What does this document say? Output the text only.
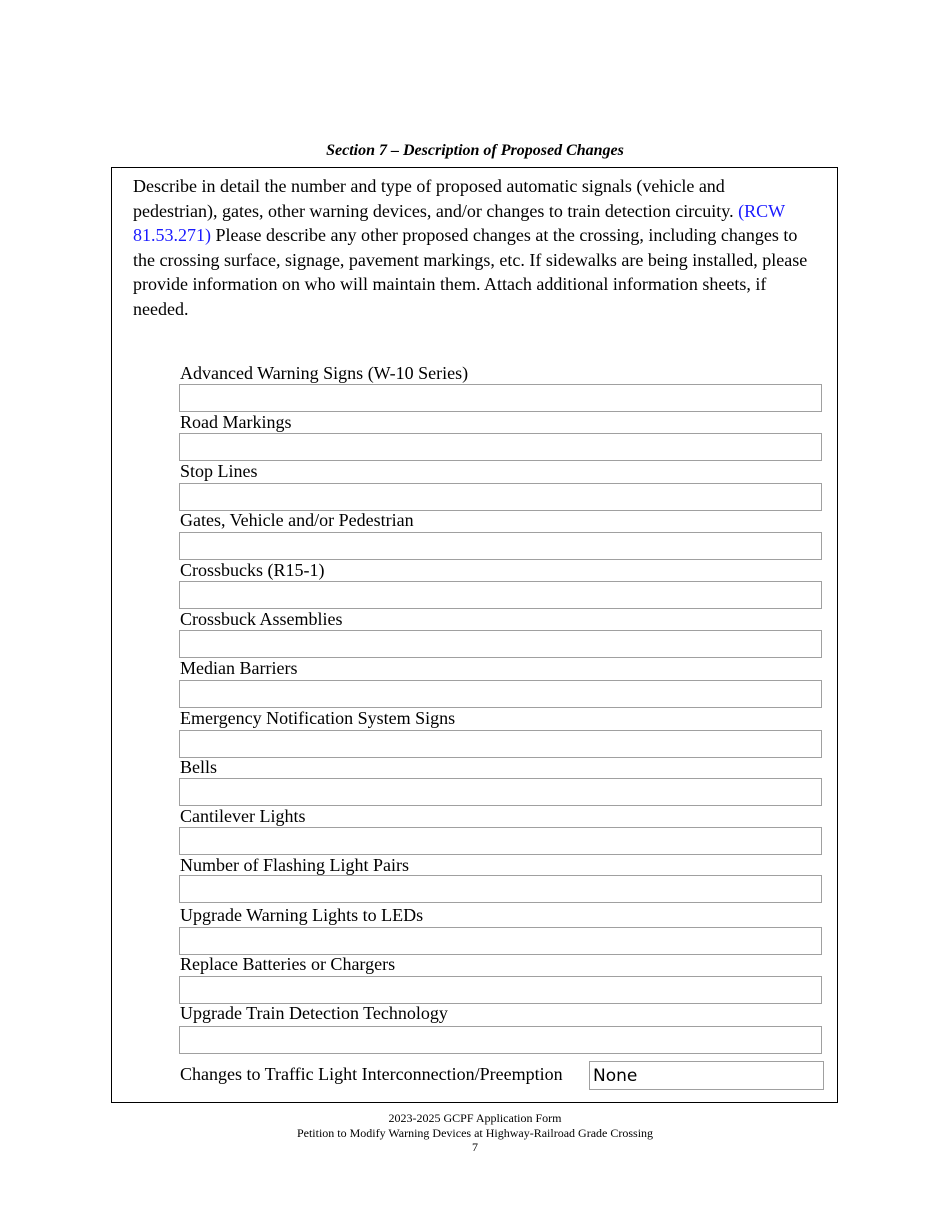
Section 7 – Description of Proposed Changes
Describe in detail the number and type of proposed automatic signals (vehicle and pedestrian), gates, other warning devices, and/or changes to train detection circuity. (RCW 81.53.271) Please describe any other proposed changes at the crossing, including changes to the crossing surface, signage, pavement markings, etc. If sidewalks are being installed, please provide information on who will maintain them. Attach additional information sheets, if needed.
Advanced Warning Signs (W-10 Series)
Road Markings
Stop Lines
Gates, Vehicle and/or Pedestrian
Crossbucks (R15-1)
Crossbuck Assemblies
Median Barriers
Emergency Notification System Signs
Bells
Cantilever Lights
Number of Flashing Light Pairs
Upgrade Warning Lights to LEDs
Replace Batteries or Chargers
Upgrade Train Detection Technology
Changes to Traffic Light Interconnection/Preemption
None
2023-2025 GCPF Application Form
Petition to Modify Warning Devices at Highway-Railroad Grade Crossing
7
